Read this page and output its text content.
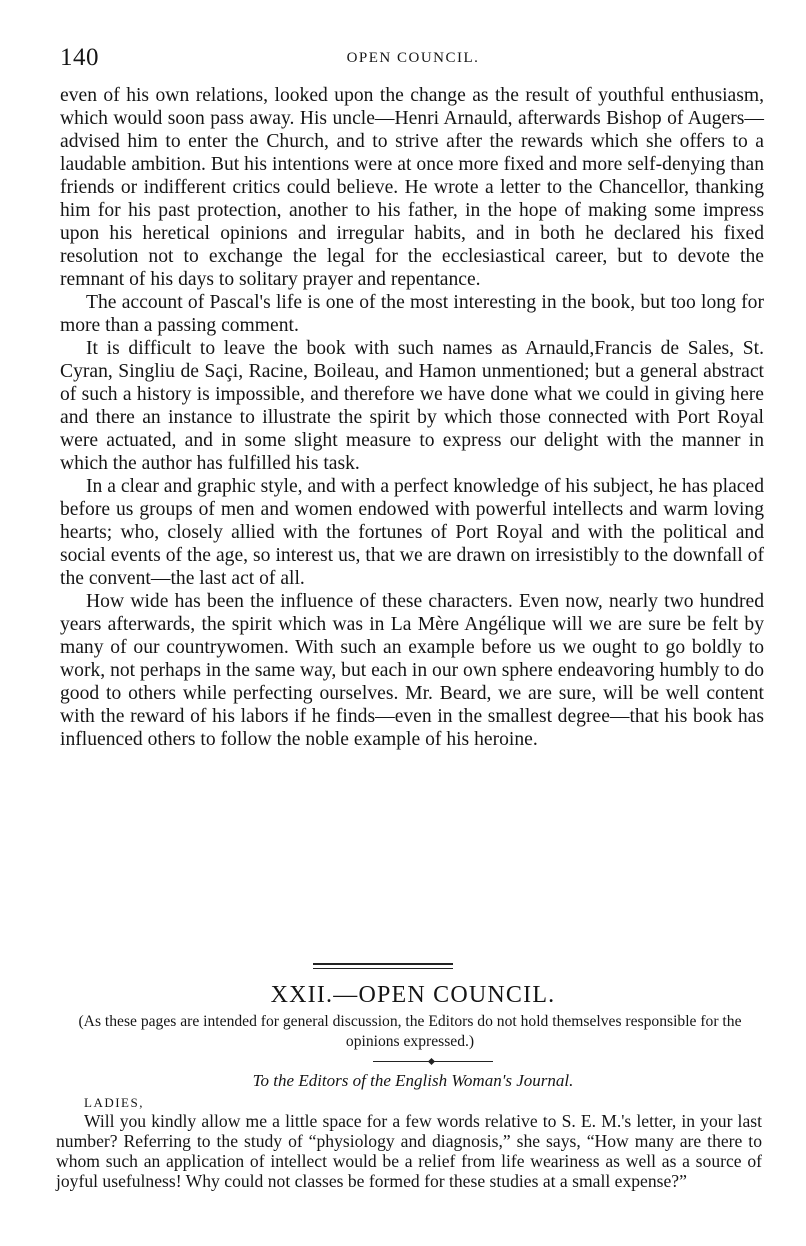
140	OPEN COUNCIL.

even of his own relations, looked upon the change as the result of youthful enthusiasm, which would soon pass away. His uncle—Henri Arnauld, afterwards Bishop of Augers—advised him to enter the Church, and to strive after the rewards which she offers to a laudable ambition. But his intentions were at once more fixed and more self-denying than friends or indifferent critics could believe. He wrote a letter to the Chancellor, thanking him for his past protection, another to his father, in the hope of making some impress upon his heretical opinions and irregular habits, and in both he declared his fixed resolution not to exchange the legal for the ecclesiastical career, but to devote the remnant of his days to solitary prayer and repentance.

The account of Pascal's life is one of the most interesting in the book, but too long for more than a passing comment.

It is difficult to leave the book with such names as Arnauld,Francis de Sales, St. Cyran, Singliu de Saçi, Racine, Boileau, and Hamon unmentioned; but a general abstract of such a history is impossible, and therefore we have done what we could in giving here and there an instance to illustrate the spirit by which those connected with Port Royal were actuated, and in some slight measure to express our delight with the manner in which the author has fulfilled his task.

In a clear and graphic style, and with a perfect knowledge of his subject, he has placed before us groups of men and women endowed with powerful intellects and warm loving hearts; who, closely allied with the fortunes of Port Royal and with the political and social events of the age, so interest us, that we are drawn on irresistibly to the downfall of the convent—the last act of all.

How wide has been the influence of these characters. Even now, nearly two hundred years afterwards, the spirit which was in La Mère Angélique will we are sure be felt by many of our countrywomen. With such an example before us we ought to go boldly to work, not perhaps in the same way, but each in our own sphere endeavoring humbly to do good to others while perfecting ourselves. Mr. Beard, we are sure, will be well content with the reward of his labors if he finds—even in the smallest degree—that his book has influenced others to follow the noble example of his heroine.

XXII.—OPEN COUNCIL.

(As these pages are intended for general discussion, the Editors do not hold themselves responsible for the opinions expressed.)

To the Editors of the English Woman's Journal.

LADIES,

Will you kindly allow me a little space for a few words relative to S. E. M.'s letter, in your last number? Referring to the study of “physiology and diagnosis,” she says, “How many are there to whom such an application of intellect would be a relief from life weariness as well as a source of joyful usefulness! Why could not classes be formed for these studies at a small expense?”
